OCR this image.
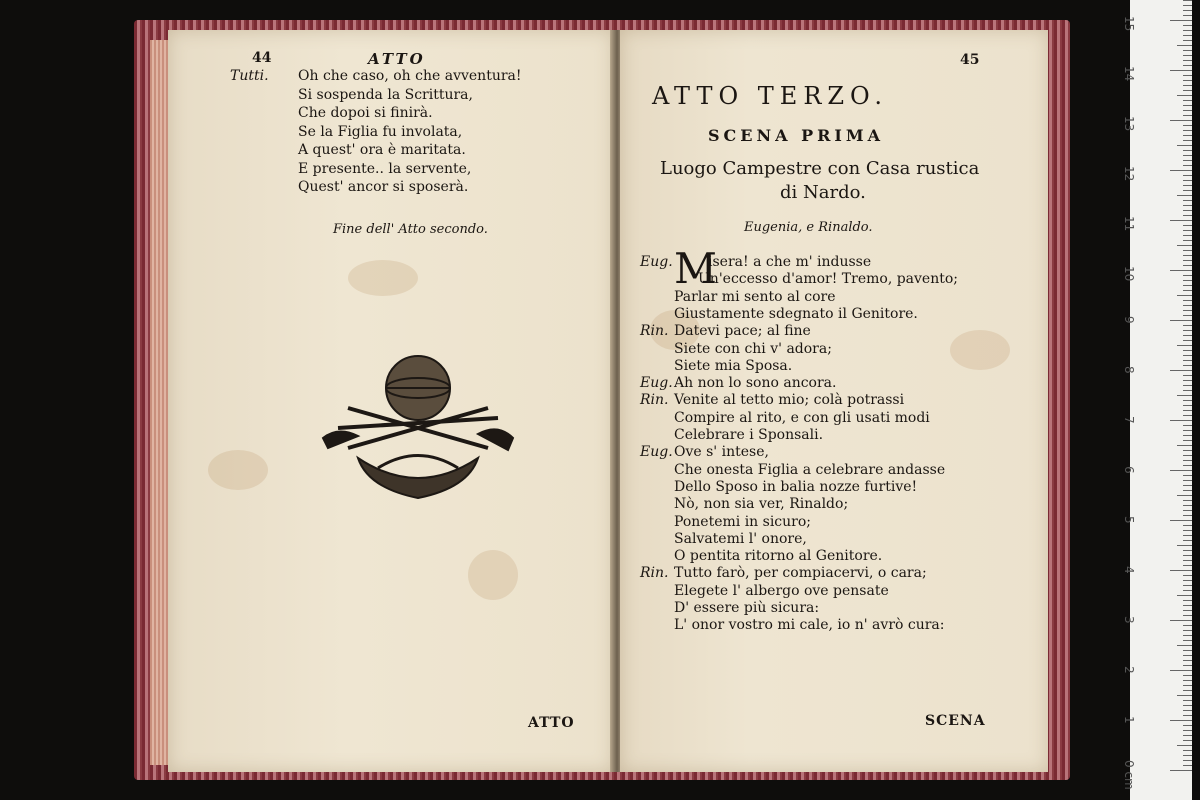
44	ATTO
Tutti. Oh che caso, oh che avventura!
Si sospenda la Scrittura,
Che dopoi si finirà.
Se la Figlia fu involata,
A quest' ora è maritata.
E presente.. la servente,
Quest' ancor si sposerà.
Fine dell' Atto secondo.
ATTO
45
ATTO TERZO.
SCENA PRIMA
Luogo Campestre con Casa rustica
di Nardo.
Eugenia, e Rinaldo.
Eug. M
isera! a che m' indusse
Un'eccesso d'amor! Tremo, pavento;
Parlar mi sento al core
Giustamente sdegnato il Genitore.
Rin. Datevi pace; al fine
Siete con chi v' adora;
Siete mia Sposa.
Eug. Ah non lo sono ancora.
Rin. Venite al tetto mio; colà potrassi
Compire al rito, e con gli usati modi
Celebrare i Sponsali.
Eug. Ove s' intese,
Che onesta Figlia a celebrare andasse
Dello Sposo in balia nozze furtive!
Nò, non sia ver, Rinaldo;
Ponetemi in sicuro;
Salvatemi l' onore,
O pentita ritorno al Genitore.
Rin. Tutto farò, per compiacervi, o cara;
Elegete l' albergo ove pensate
D' essere più sicura:
L' onor vostro mi cale, io n' avrò cura:
SCENA
0 cm
1
2
3
4
5
6
7
8
9
10
11
12
13
14
15
